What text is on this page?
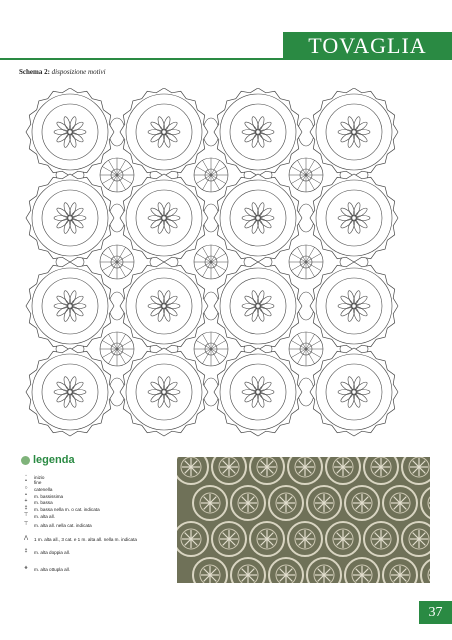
TOVAGLIA
Schema 2: disposizione motivi
legenda
◦	inizio
•	fine
○	catenella
•	m. bassissima
+	m. bassa
‡	m. bassa nella m. o cat. indicata
⊤	m. alta all.
⊤	m. alta all. nella cat. indicata
⋀	1 m. alta all., 3 cat. e 1 m. alta all. nella m. indicata
‡	m. alta doppia all.
⧺	m. alta ottupla all.
37
